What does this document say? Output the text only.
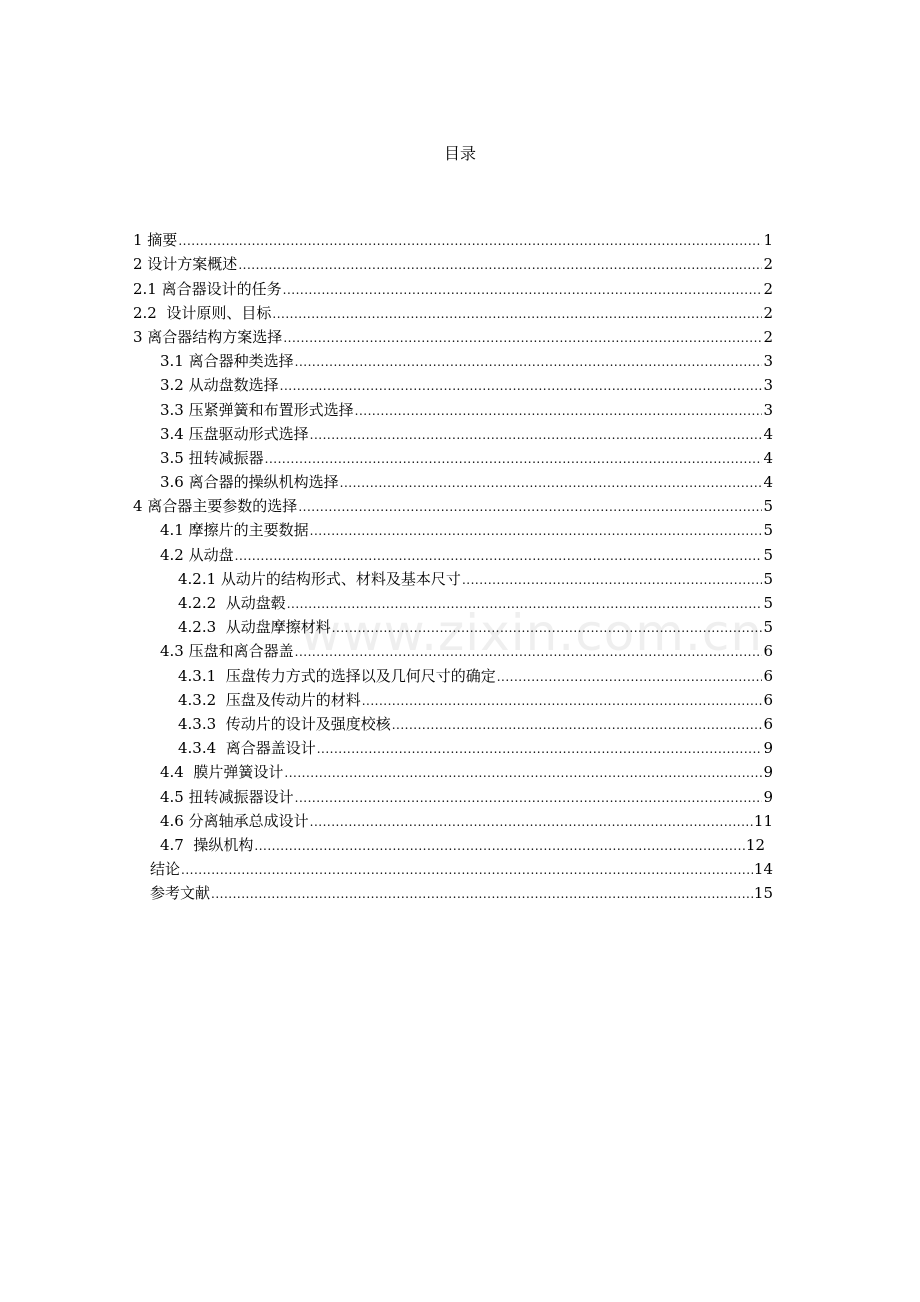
目录
www.zixin.com.cn
1 摘要 .....	1
2 设计方案概述 .....	2
2.1 离合器设计的任务 .....	2
2.2  设计原则、目标 .....	2
3 离合器结构方案选择 .....	2
3.1 离合器种类选择 .....	3
3.2 从动盘数选择 .....	3
3.3 压紧弹簧和布置形式选择 .....	3
3.4 压盘驱动形式选择 .....	4
3.5 扭转减振器 .....	4
3.6 离合器的操纵机构选择 .....	4
4 离合器主要参数的选择 .....	5
4.1 摩擦片的主要数据 .....	5
4.2 从动盘 .....	5
4.2.1 从动片的结构形式、材料及基本尺寸 .....	5
4.2.2  从动盘毂 .....	5
4.2.3  从动盘摩擦材料 .....	5
4.3 压盘和离合器盖 .....	6
4.3.1  压盘传力方式的选择以及几何尺寸的确定 .....	6
4.3.2  压盘及传动片的材料 .....	6
4.3.3  传动片的设计及强度校核 .....	6
4.3.4  离合器盖设计 .....	9
4.4  膜片弹簧设计 .....	9
4.5 扭转减振器设计 .....	9
4.6 分离轴承总成设计 .....	11
4.7  操纵机构 .....	12
结论 .....	14
参考文献 .....	15
